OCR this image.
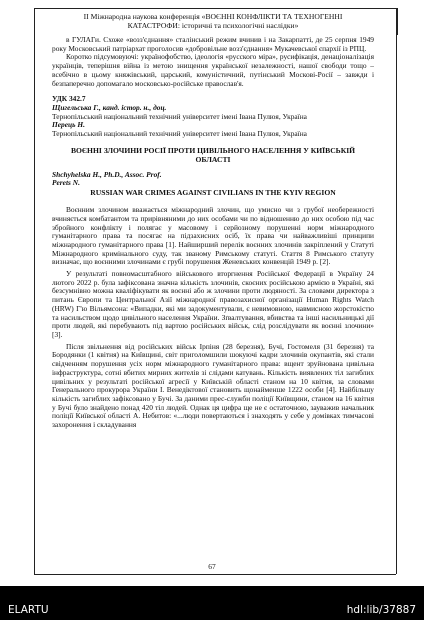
ІІ Міжнародна наукова конференція «ВОЄННІ КОНФЛІКТИ ТА ТЕХНОГЕННІ
КАТАСТРОФИ: історичні та психологічні наслідки»

в ГУЛАГи. Схоже «возз'єднання» сталінський режим вчинив і на Закарпатті, де 25 серпня 1949 року Московський патріархат проголосив «добровільне возз'єднання» Мукачевської єпархії із РПЦ.

Коротко підсумовуючі: українофобство, ідеологія «русского міра», русифікація, денаціоналізація українців, теперішня війна із метою знищення української незалежності, нашої свободи тощо – всебічно в цьому княжівський, царський, комуністичний, путінський Москові-Росії – завжди і безпаперечно допомагало московсько-російське православ'я.

УДК 342.7

Щигельська Г., канд. істор. н., доц.

Тернопільський національний технічний університет імені Івана Пулюя, Україна

Перець Н.

Тернопільський національний технічний університет імені Івана Пулюя, Україна

ВОЄННІ ЗЛОЧИНИ РОСІЇ ПРОТИ ЦИВІЛЬНОГО НАСЕЛЕННЯ У КИЇВСЬКІЙ
ОБЛАСТІ

Shchyhelska H., Ph.D., Assoc. Prof.

Perets N.

RUSSIAN WAR CRIMES AGAINST CIVILIANS IN THE KYIV REGION

Воєнним злочином вважається міжнародний злочин, що умисно чи з грубої необережності вчиняється комбатантом та прирівняними до них особами чи по відношенню до них особою під час збройного конфлікту і полягає у масовому і серйозному порушенні норм міжнародного гуманітарного права та посягає на підзахисних осіб, їх права чи найважливіші принципи міжнародного гуманітарного права [1]. Найширший перелік воєнних злочинів закріплений у Статуті Міжнародного кримінального суду, так званому Римському статуті. Стаття 8 Римського статуту визначає, що воєнними злочинами є грубі порушення Женевських конвенцій 1949 р. [2].

У результаті повномасштабного військового вторгнення Російської Федерації в Україну 24 лютого 2022 р. була зафіксована значна кількість злочинів, скоєних російською армією в Україні, які безсумнівно можна кваліфікувати як воєнні або ж злочини проти людяності. За словами директора з питань Європи та Центральної Азії міжнародної правозахисної організації Human Rights Watch (HRW) Г'ю Вільямсона: «Випадки, які ми задокументували, є невимовною, навмисною жорстокістю та насильством щодо цивільного населення України. Зґвалтування, вбивства та інші насильницькі дії проти людей, які перебувають під вартою російських військ, слід розслідувати як воєнні злочини» [3].

Після звільнення від російських військ Ірпіня (28 березня), Бучі, Гостомеля (31 березня) та Бородянки (1 квітня) на Київщині, світ приголомшили шокуючі кадри злочинів окупантів, які стали свідченням порушення усіх норм міжнародного гуманітарного права: вщент зруйнована цивільна інфраструктура, сотні вбитих мирних жителів зі слідами катувань. Кількість виявлених тіл загиблих цивільних у результаті російської агресії у Київській області станом на 10 квітня, за словами Генерального прокурора України І. Венедіктової становить щонайменше 1222 особи [4]. Найбільшу кількість загиблих зафіксовано у Бучі. За даними прес-служби поліції Київщини, станом на 16 квітня у Бучі було знайдено понад 420 тіл людей. Однак ця цифра ще не є остаточною, зауважив начальник поліції Київської області А. Небитов: «...люди повертаються і знаходять у себе у домівках тимчасові захоронення і складування

67
ELARTU	hdl:lib/37887
